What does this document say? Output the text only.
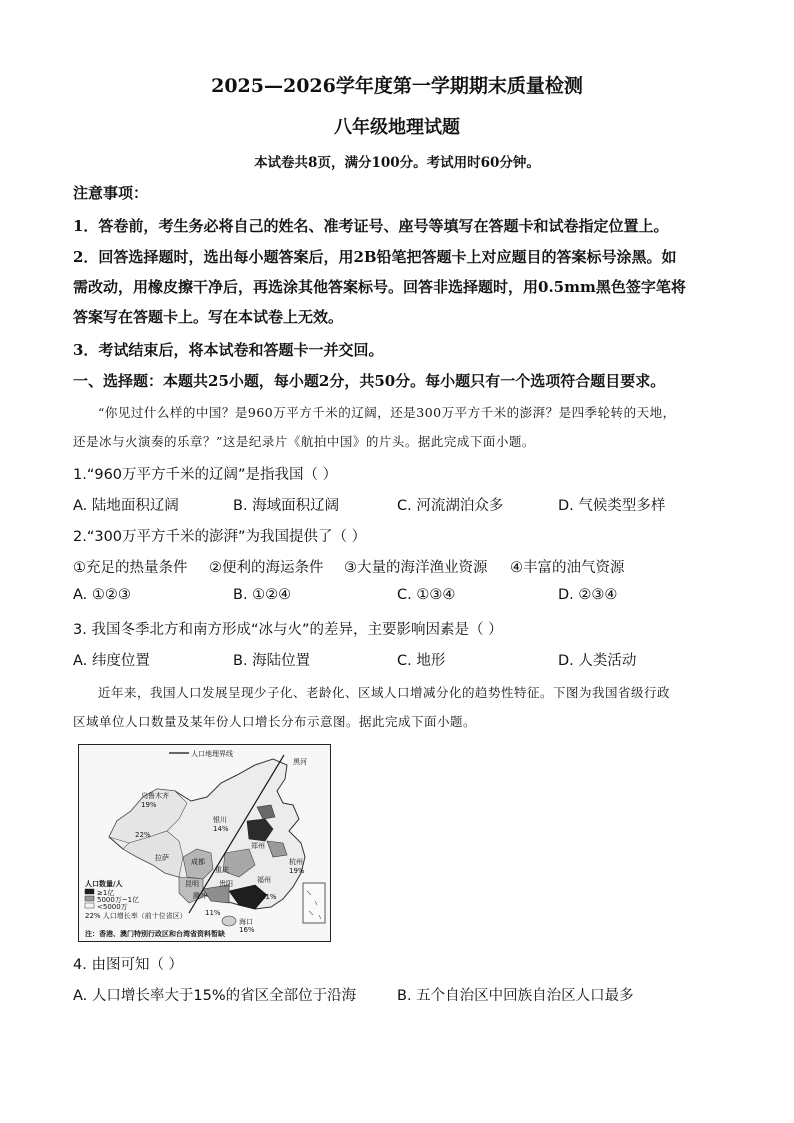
2025—2026学年度第一学期期末质量检测
八年级地理试题
本试卷共8页，满分100分。考试用时60分钟。
注意事项：
1．答卷前，考生务必将自己的姓名、准考证号、座号等填写在答题卡和试卷指定位置上。
2．回答选择题时，选出每小题答案后，用2B铅笔把答题卡上对应题目的答案标号涂黑。如
需改动，用橡皮擦干净后，再选涂其他答案标号。回答非选择题时，用0.5mm黑色签字笔将
答案写在答题卡上。写在本试卷上无效。
3．考试结束后，将本试卷和答题卡一并交回。
一、选择题：本题共25小题，每小题2分，共50分。每小题只有一个选项符合题目要求。
“你见过什么样的中国？是960万平方千米的辽阔，还是300万平方千米的澎湃？是四季轮转的天地，
还是冰与火演奏的乐章？”这是纪录片《航拍中国》的片头。据此完成下面小题。
1.“960万平方千米的辽阔”是指我国（ ）
A. 陆地面积辽阔	B. 海域面积辽阔	C. 河流湖泊众多	D. 气候类型多样
2.“300万平方千米的澎湃”为我国提供了（ ）
①充足的热量条件 ②便利的海运条件 ③大量的海洋渔业资源 ④丰富的油气资源
A. ①②③	B. ①②④	C. ①③④	D. ②③④
3. 我国冬季北方和南方形成“冰与火”的差异，主要影响因素是（ ）
A. 纬度位置	B. 海陆位置	C. 地形	D. 人类活动
近年来，我国人口发展呈现少子化、老龄化、区域人口增减分化的趋势性特征。下图为我国省级行政
区域单位人口数量及某年份人口增长分布示意图。据此完成下面小题。
人口地理界线
黑河
乌鲁木齐
19%
22%
银川
14%
拉萨	成都
重庆
郑州
杭州
19%
贵阳
昆明
腾冲
福州
21%
11%
海口
16%
人口数量/人
≥1亿
5000万~1亿
<5000万
22% 人口增长率（前十位省区）
注：香港、澳门特别行政区和台湾省资料暂缺
4. 由图可知（ ）
A. 人口增长率大于15%的省区全部位于沿海	B. 五个自治区中回族自治区人口最多
